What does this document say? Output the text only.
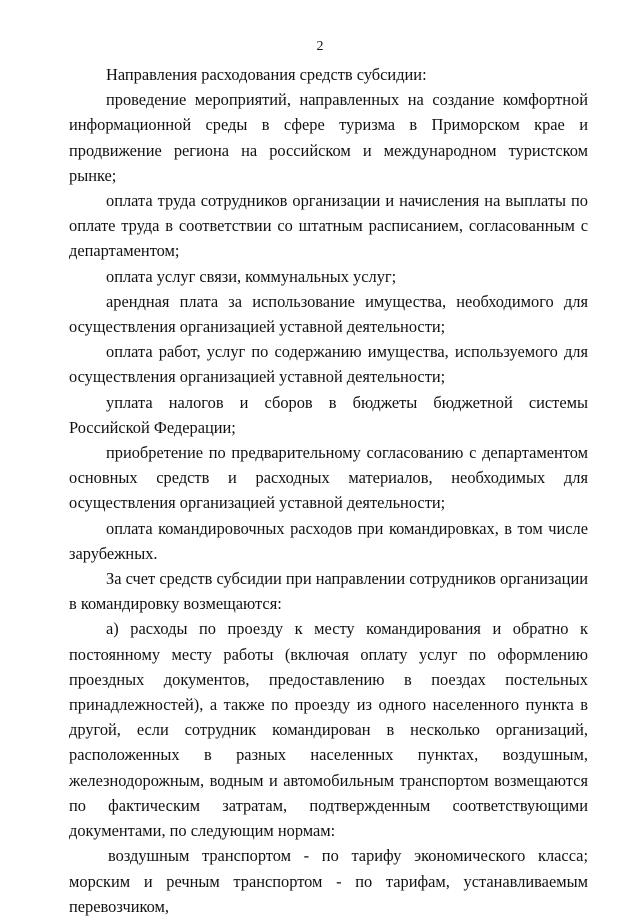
2

Направления расходования средств субсидии:

проведение мероприятий, направленных на создание комфортной информационной среды в сфере туризма в Приморском крае и продвижение региона на российском и международном туристском рынке;

оплата труда сотрудников организации и начисления на выплаты по оплате труда в соответствии со штатным расписанием, согласованным с департаментом;

оплата услуг связи, коммунальных услуг;

арендная плата за использование имущества, необходимого для осуществления организацией уставной деятельности;

оплата работ, услуг по содержанию имущества, используемого для осуществления организацией уставной деятельности;

уплата налогов и сборов в бюджеты бюджетной системы Российской Федерации;

приобретение по предварительному согласованию с департаментом основных средств и расходных материалов, необходимых для осуществления организацией уставной деятельности;

оплата командировочных расходов при командировках, в том числе зарубежных.

За счет средств субсидии при направлении сотрудников организации в командировку возмещаются:

а) расходы по проезду к месту командирования и обратно к постоянному месту работы (включая оплату услуг по оформлению проездных документов, предоставлению в поездах постельных принадлежностей), а также по проезду из одного населенного пункта в другой, если сотрудник командирован в несколько организаций, расположенных в разных населенных пунктах, воздушным, железнодорожным, водным и автомобильным транспортом возмещаются по фактическим затратам, подтвержденным соответствующими документами, по следующим нормам:

воздушным транспортом - по тарифу экономического класса; морским и речным транспортом - по тарифам, устанавливаемым перевозчиком,
